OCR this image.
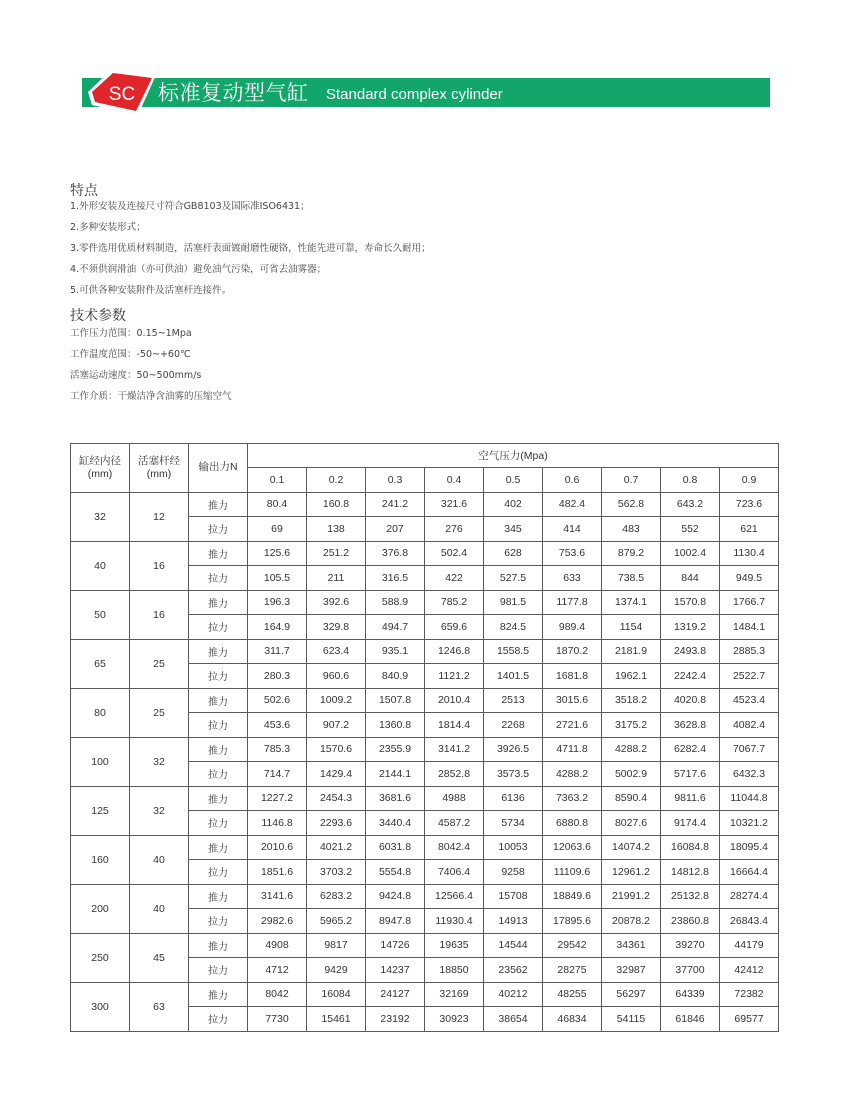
SC 标准复动型气缸 Standard complex cylinder
特点
1.外形安装及连接尺寸符合GB8103及国际准ISO6431；
2.多种安装形式；
3.零件选用优质材料制造，活塞杆表面镀耐磨性硬铬，性能先进可靠，寿命长久耐用；
4.不须供润滑油（亦可供油）避免油气污染，可省去油雾器；
5.可供各种安装附件及活塞杆连接件。
技术参数
工作压力范围：0.15~1Mpa
工作温度范围：-50~+60℃
活塞运动速度：50~500mm/s
工作介质：干燥洁净含油雾的压缩空气
缸经内径
(mm)	活塞杆经
(mm)	输出力N	空气压力(Mpa)								
			0.1	0.2	0.3	0.4	0.5	0.6	0.7	0.8	0.9
32	12	推力	80.4	160.8	241.2	321.6	402	482.4	562.8	643.2	723.6
		拉力	69	138	207	276	345	414	483	552	621
40	16	推力	125.6	251.2	376.8	502.4	628	753.6	879.2	1002.4	1130.4
		拉力	105.5	211	316.5	422	527.5	633	738.5	844	949.5
50	16	推力	196.3	392.6	588.9	785.2	981.5	1177.8	1374.1	1570.8	1766.7
		拉力	164.9	329.8	494.7	659.6	824.5	989.4	1154	1319.2	1484.1
65	25	推力	311.7	623.4	935.1	1246.8	1558.5	1870.2	2181.9	2493.8	2885.3
		拉力	280.3	960.6	840.9	1121.2	1401.5	1681.8	1962.1	2242.4	2522.7
80	25	推力	502.6	1009.2	1507.8	2010.4	2513	3015.6	3518.2	4020.8	4523.4
		拉力	453.6	907.2	1360.8	1814.4	2268	2721.6	3175.2	3628.8	4082.4
100	32	推力	785.3	1570.6	2355.9	3141.2	3926.5	4711.8	4288.2	6282.4	7067.7
		拉力	714.7	1429.4	2144.1	2852.8	3573.5	4288.2	5002.9	5717.6	6432.3
125	32	推力	1227.2	2454.3	3681.6	4988	6136	7363.2	8590.4	9811.6	11044.8
		拉力	1146.8	2293.6	3440.4	4587.2	5734	6880.8	8027.6	9174.4	10321.2
160	40	推力	2010.6	4021.2	6031.8	8042.4	10053	12063.6	14074.2	16084.8	18095.4
		拉力	1851.6	3703.2	5554.8	7406.4	9258	11109.6	12961.2	14812.8	16664.4
200	40	推力	3141.6	6283.2	9424.8	12566.4	15708	18849.6	21991.2	25132.8	28274.4
		拉力	2982.6	5965.2	8947.8	11930.4	14913	17895.6	20878.2	23860.8	26843.4
250	45	推力	4908	9817	14726	19635	14544	29542	34361	39270	44179
		拉力	4712	9429	14237	18850	23562	28275	32987	37700	42412
300	63	推力	8042	16084	24127	32169	40212	48255	56297	64339	72382
		拉力	7730	15461	23192	30923	38654	46834	54115	61846	69577
